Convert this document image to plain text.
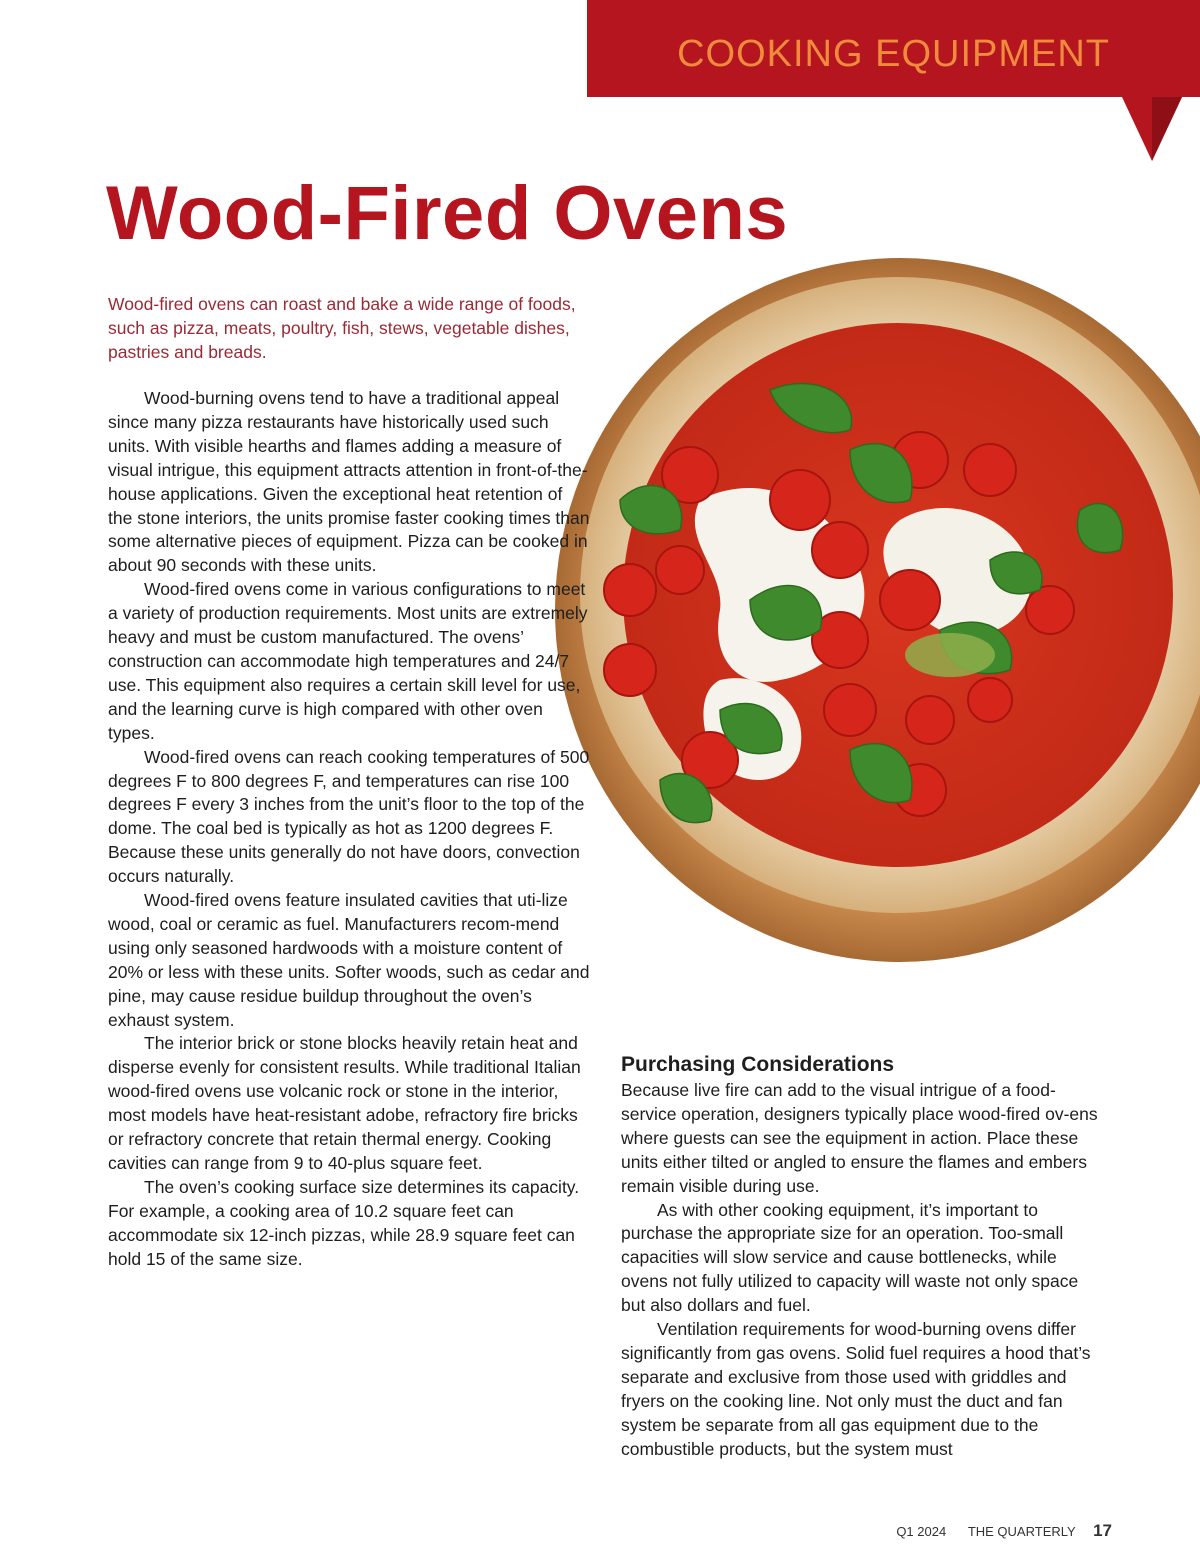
COOKING EQUIPMENT
Wood-Fired Ovens

Wood-fired ovens can roast and bake a wide range of foods, such as pizza, meats, poultry, fish, stews, vegetable dishes, pastries and breads.

Wood-burning ovens tend to have a traditional appeal since many pizza restaurants have historically used such units. With visible hearths and flames adding a measure of visual intrigue, this equipment attracts attention in front-of-the-house applications. Given the exceptional heat retention of the stone interiors, the units promise faster cooking times than some alternative pieces of equipment. Pizza can be cooked in about 90 seconds with these units.

Wood-fired ovens come in various configurations to meet a variety of production requirements. Most units are extremely heavy and must be custom manufactured. The ovens’ construction can accommodate high temperatures and 24/7 use. This equipment also requires a certain skill level for use, and the learning curve is high compared with other oven types.

Wood-fired ovens can reach cooking temperatures of 500 degrees F to 800 degrees F, and temperatures can rise 100 degrees F every 3 inches from the unit’s floor to the top of the dome. The coal bed is typically as hot as 1200 degrees F. Because these units generally do not have doors, convection occurs naturally.

Wood-fired ovens feature insulated cavities that uti-lize wood, coal or ceramic as fuel. Manufacturers recom-mend using only seasoned hardwoods with a moisture content of 20% or less with these units. Softer woods, such as cedar and pine, may cause residue buildup throughout the oven’s exhaust system.

The interior brick or stone blocks heavily retain heat and disperse evenly for consistent results. While traditional Italian wood-fired ovens use volcanic rock or stone in the interior, most models have heat-resistant adobe, refractory fire bricks or refractory concrete that retain thermal energy. Cooking cavities can range from 9 to 40-plus square feet.

The oven’s cooking surface size determines its capacity. For example, a cooking area of 10.2 square feet can accommodate six 12-inch pizzas, while 28.9 square feet can hold 15 of the same size.

Purchasing Considerations

Because live fire can add to the visual intrigue of a food-service operation, designers typically place wood-fired ov-ens where guests can see the equipment in action. Place these units either tilted or angled to ensure the flames and embers remain visible during use.

As with other cooking equipment, it’s important to purchase the appropriate size for an operation. Too-small capacities will slow service and cause bottlenecks, while ovens not fully utilized to capacity will waste not only space but also dollars and fuel.

Ventilation requirements for wood-burning ovens differ significantly from gas ovens. Solid fuel requires a hood that’s separate and exclusive from those used with griddles and fryers on the cooking line. Not only must the duct and fan system be separate from all gas equipment due to the combustible products, but the system must

Q1 2024 THE QUARTERLY 17
